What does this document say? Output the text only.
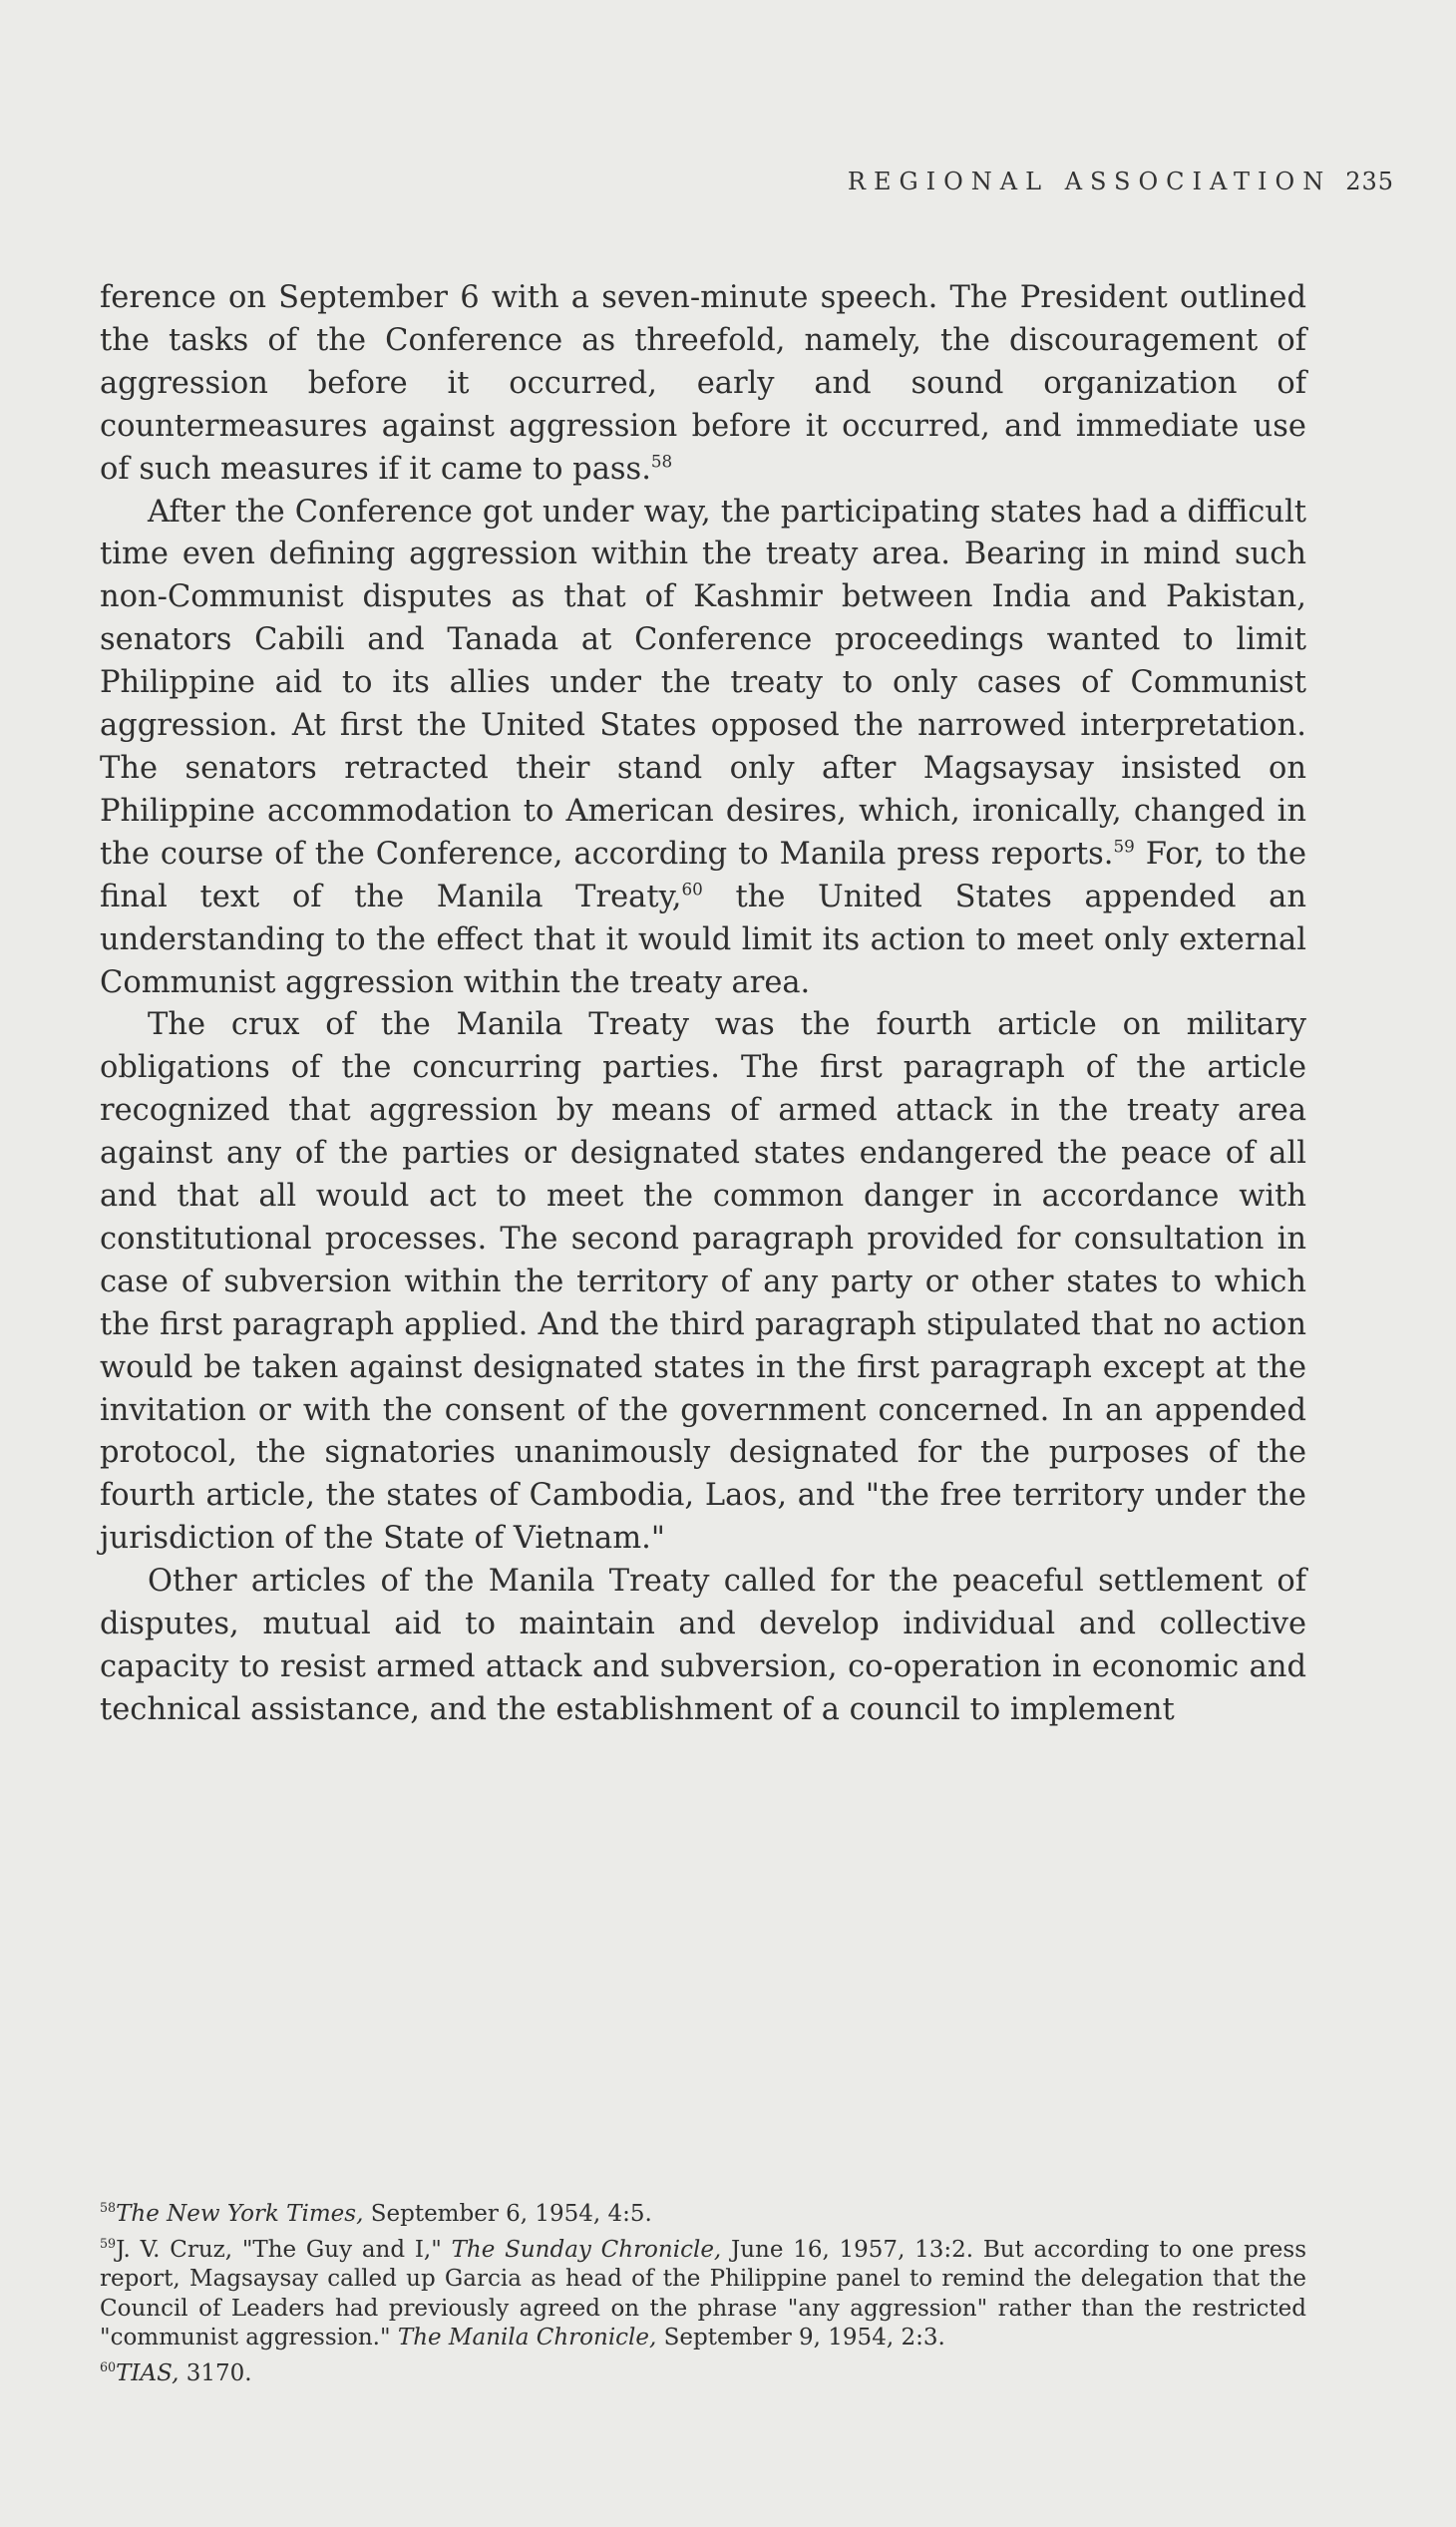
REGIONAL ASSOCIATION 235

ference on September 6 with a seven-minute speech. The President outlined the tasks of the Conference as threefold, namely, the discouragement of aggression before it occurred, early and sound organization of countermeasures against aggression before it occurred, and immediate use of such measures if it came to pass.$^{58}$

After the Conference got under way, the participating states had a difficult time even defining aggression within the treaty area. Bearing in mind such non-Communist disputes as that of Kashmir between India and Pakistan, senators Cabili and Tanada at Conference proceedings wanted to limit Philippine aid to its allies under the treaty to only cases of Communist aggression. At first the United States opposed the narrowed interpretation. The senators retracted their stand only after Magsaysay insisted on Philippine accommodation to American desires, which, ironically, changed in the course of the Conference, according to Manila press reports.$^{59}$ For, to the final text of the Manila Treaty,$^{60}$ the United States appended an understanding to the effect that it would limit its action to meet only external Communist aggression within the treaty area.

The crux of the Manila Treaty was the fourth article on military obligations of the concurring parties. The first paragraph of the article recognized that aggression by means of armed attack in the treaty area against any of the parties or designated states endangered the peace of all and that all would act to meet the common danger in accordance with constitutional processes. The second paragraph provided for consultation in case of subversion within the territory of any party or other states to which the first paragraph applied. And the third paragraph stipulated that no action would be taken against designated states in the first paragraph except at the invitation or with the consent of the government concerned. In an appended protocol, the signatories unanimously designated for the purposes of the fourth article, the states of Cambodia, Laos, and "the free territory under the jurisdiction of the State of Vietnam."

Other articles of the Manila Treaty called for the peaceful settlement of disputes, mutual aid to maintain and develop individual and collective capacity to resist armed attack and subversion, co-operation in economic and technical assistance, and the establishment of a council to implement

$^{58}$The New York Times, September 6, 1954, 4:5.

$^{59}$J. V. Cruz, "The Guy and I," The Sunday Chronicle, June 16, 1957, 13:2. But according to one press report, Magsaysay called up Garcia as head of the Philippine panel to remind the delegation that the Council of Leaders had previously agreed on the phrase "any aggression" rather than the restricted "communist aggression." The Manila Chronicle, September 9, 1954, 2:3.

$^{60}$TIAS, 3170.
